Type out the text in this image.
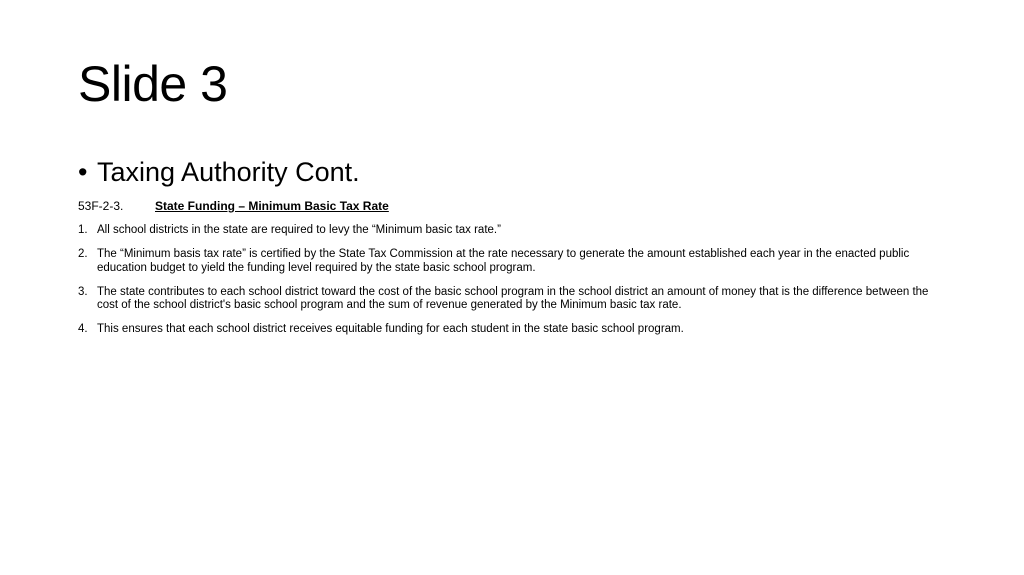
Slide 3
• Taxing Authority Cont.
53F-2-3.	State Funding – Minimum Basic Tax Rate
1. All school districts in the state are required to levy the “Minimum basic tax rate.”
2. The “Minimum basis tax rate” is certified by the State Tax Commission at the rate necessary to generate the amount established each year in the enacted public education budget to yield the funding level required by the state basic school program.
3. The state contributes to each school district toward the cost of the basic school program in the school district an amount of money that is the difference between the cost of the school district's basic school program and the sum of revenue generated by the Minimum basic tax rate.
4. This ensures that each school district receives equitable funding for each student in the state basic school program.
